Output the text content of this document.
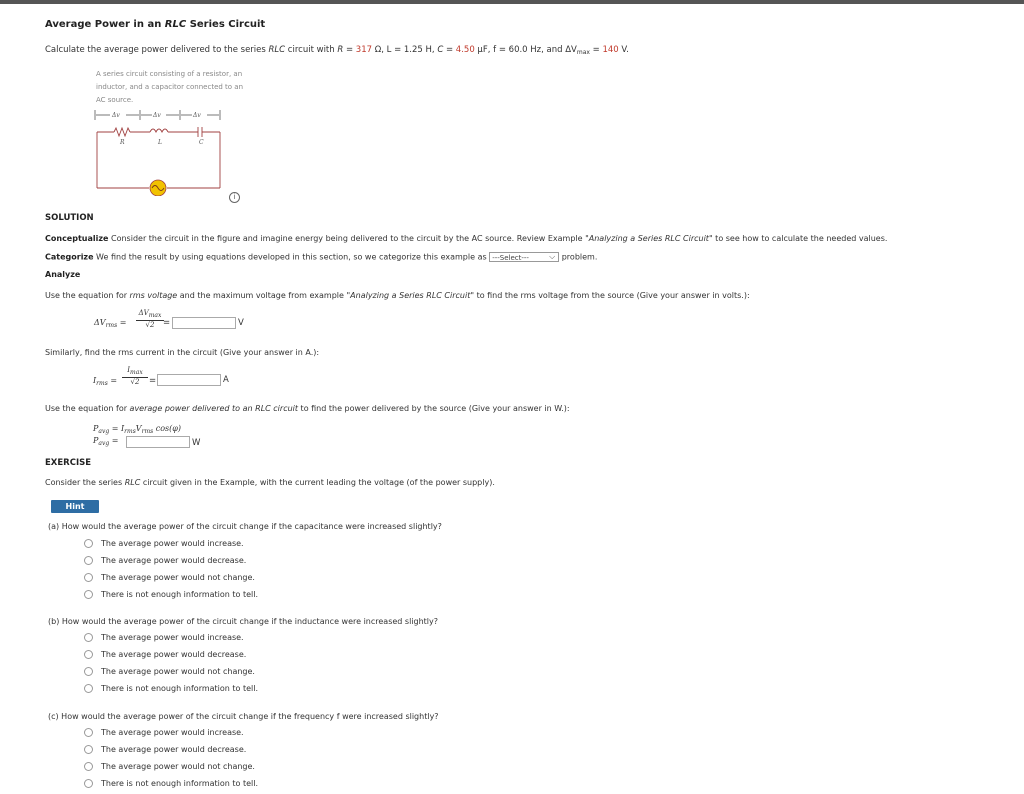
Average Power in an RLC Series Circuit
Calculate the average power delivered to the series RLC circuit with R = 317 Ω, L = 1.25 H, C = 4.50 μF, f = 60.0 Hz, and $\Delta V_{max} = 140$ V.
A series circuit consisting of a resistor, an inductor, and a capacitor connected to an AC source.
Δv	Δv	Δv
R	L	C
i
SOLUTION
Conceptualize Consider the circuit in the figure and imagine energy being delivered to the circuit by the AC source. Review Example "Analyzing a Series RLC Circuit" to see how to calculate the needed values.
Categorize We find the result by using equations developed in this section, so we categorize this example as ---Select---	⌵ problem.
Analyze
Use the equation for rms voltage and the maximum voltage from example "Analyzing a Series RLC Circuit" to find the rms voltage from the source (Give your answer in volts.):
$\Delta V_{rms}$ =
ΔVmax
√2	=	V
Similarly, find the rms current in the circuit (Give your answer in A.):
$I_{rms}$ =
Imax
√2	=	A
Use the equation for average power delivered to an RLC circuit to find the power delivered by the source (Give your answer in W.):
$P_{avg} = I_{rms}V_{rms}$ cos(φ)
$P_{avg}$ =	W
EXERCISE
Consider the series RLC circuit given in the Example, with the current leading the voltage (of the power supply).
Hint
(a) How would the average power of the circuit change if the capacitance were increased slightly?
The average power would increase.
The average power would decrease.
The average power would not change.
There is not enough information to tell.
(b) How would the average power of the circuit change if the inductance were increased slightly?
The average power would increase.
The average power would decrease.
The average power would not change.
There is not enough information to tell.
(c) How would the average power of the circuit change if the frequency f were increased slightly?
The average power would increase.
The average power would decrease.
The average power would not change.
There is not enough information to tell.
